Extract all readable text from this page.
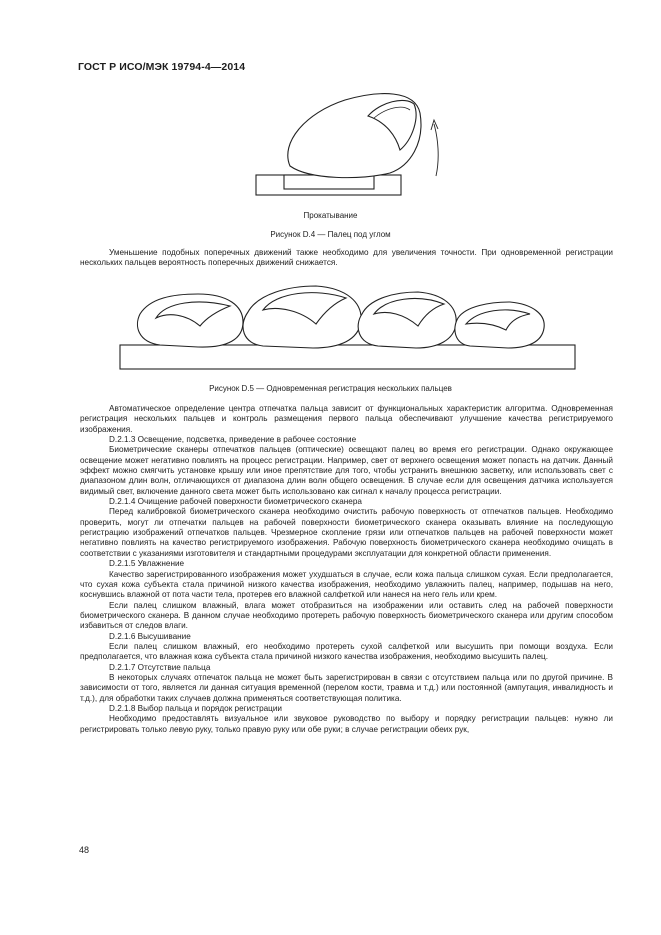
ГОСТ Р ИСО/МЭК 19794-4—2014
Прокатывание
Рисунок D.4 — Палец под углом

Уменьшение подобных поперечных движений также необходимо для увеличения точности. При одновременной регистрации нескольких пальцев вероятность поперечных движений снижается.

Рисунок D.5 — Одновременная регистрация нескольких пальцев

Автоматическое определение центра отпечатка пальца зависит от функциональных характеристик алгоритма. Одновременная регистрация нескольких пальцев и контроль размещения первого пальца обеспечивают улучшение качества регистрируемого изображения.

D.2.1.3 Освещение, подсветка, приведение в рабочее состояние

Биометрические сканеры отпечатков пальцев (оптические) освещают палец во время его регистрации. Однако окружающее освещение может негативно повлиять на процесс регистрации. Например, свет от верхнего освещения может попасть на датчик. Данный эффект можно смягчить установке крышу или иное препятствие для того, чтобы устранить внешнюю засветку, или использовать свет с диапазоном длин волн, отличающихся от диапазона длин волн общего освещения. В случае если для освещения датчика используется видимый свет, включение данного света может быть использовано как сигнал к началу процесса регистрации.

D.2.1.4 Очищение рабочей поверхности биометрического сканера

Перед калибровкой биометрического сканера необходимо очистить рабочую поверхность от отпечатков пальцев. Необходимо проверить, могут ли отпечатки пальцев на рабочей поверхности биометрического сканера оказывать влияние на последующую регистрацию изображений отпечатков пальцев. Чрезмерное скопление грязи или отпечатков пальцев на рабочей поверхности может негативно повлиять на качество регистрируемого изображения. Рабочую поверхность биометрического сканера необходимо очищать в соответствии с указаниями изготовителя и стандартными процедурами эксплуатации для конкретной области применения.

D.2.1.5 Увлажнение

Качество зарегистрированного изображения может ухудшаться в случае, если кожа пальца слишком сухая. Если предполагается, что сухая кожа субъекта стала причиной низкого качества изображения, необходимо увлажнить палец, например, подышав на него, коснувшись влажной от пота части тела, протерев его влажной салфеткой или нанеся на него гель или крем.

Если палец слишком влажный, влага может отобразиться на изображении или оставить след на рабочей поверхности биометрического сканера. В данном случае необходимо протереть рабочую поверхность биометрического сканера или другим способом избавиться от следов влаги.

D.2.1.6 Высушивание

Если палец слишком влажный, его необходимо протереть сухой салфеткой или высушить при помощи воздуха. Если предполагается, что влажная кожа субъекта стала причиной низкого качества изображения, необходимо высушить палец.

D.2.1.7 Отсутствие пальца

В некоторых случаях отпечаток пальца не может быть зарегистрирован в связи с отсутствием пальца или по другой причине. В зависимости от того, является ли данная ситуация временной (перелом кости, травма и т.д.) или постоянной (ампутация, инвалидность и т.д.), для обработки таких случаев должна применяться соответствующая политика.

D.2.1.8 Выбор пальца и порядок регистрации

Необходимо предоставлять визуальное или звуковое руководство по выбору и порядку регистрации пальцев: нужно ли регистрировать только левую руку, только правую руку или обе руки; в случае регистрации обеих рук,

48
